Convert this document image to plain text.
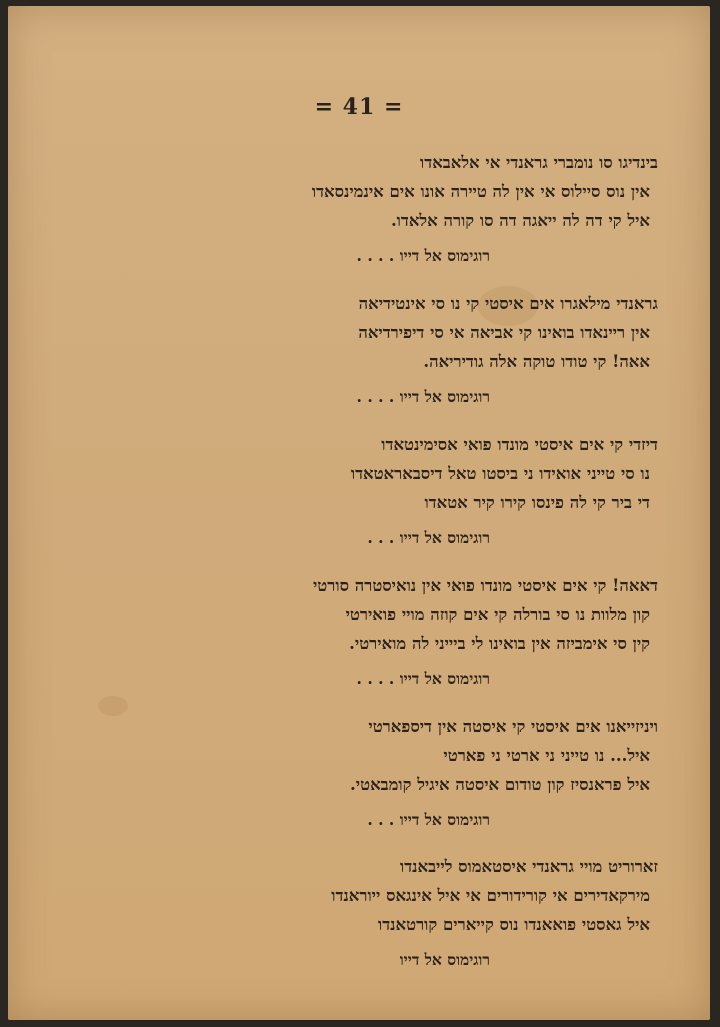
= 41 =
בינדיגו סו נומברי גראנדי אי אלאבאדו
אין נוס סיילוס אי אין לה טיירה אונו אים אינמינסאדו
איל קי דה לה ייאגה דה סו קורה אלאדו.
רוגימוס אל דייו . . . .
גראנדי מילאגרו אים איסטי קי נו סי אינטידיאה
אין ריינאדו בואינו קי אביאה אי סי דיפירדיאה
אאה! קי טודו טוקה אלה גודיריאה.
רוגימוס אל דייו . . . .
דיזדי קי אים איסטי מונדו פואי אסימינטאדו
נו סי טייני אואידו ני ביסטו טאל דיסבאראטאדו
די ביר קי לה פינסו קירו קיר אטאדו
רוגימוס אל דייו . . .
דאאה! קי אים איסטי מונדו פואי אין נואיסטרה סורטי
קון מלוות נו סי בורלה קי אים קוזה מויי פואירטי
קין סי אימביזה אין בואינו לי ביייני לה מואירטי.
רוגימוס אל דייו . . . .
ויניזייאנו אים איסטי קי איסטה אין דיספארטי
איל... נו טייני ני ארטי ני פארטי
איל פראנסיז קון טודום איסטה איגיל קומבאטי.
רוגימוס אל דייו . . .
זארוריט מויי גראנדי איסטאמוס לייבאנדו
מירקאדירים אי קורידורים אי איל אינגאס ייוראנדו
איל גאסטי פואאנדו נוס קייארים קורטאנדו
רוגימוס אל דייו
